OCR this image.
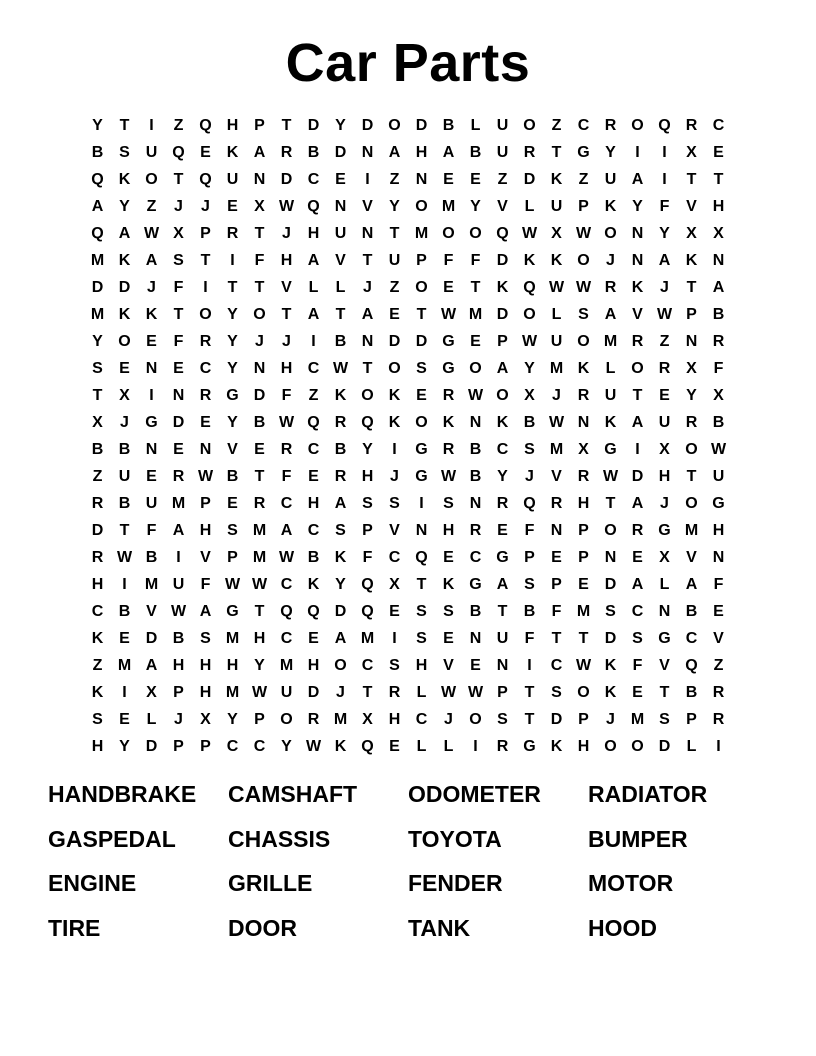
Car Parts
Y	T	I	Z Q H P	T	D Y D O D B	L	U O Z	C R O Q R C
B S U Q E K A R B D N A H A B U R	T G Y	I	I	X	E
Q K O T Q U N D C E	I	Z	N E	E	Z	D K	Z	U A	I	T	T
A Y	Z	J	J	E	X W Q N V	Y O M Y	V	L	U P K Y	F	V H
Q A W X	P R	T	J	H U N	T M O O Q W X W O N Y	X	X
M K A S	T	I	F	H A V	T	U P	F	F	D K K O	J	N A K N
D D	J	F	I	T	T	V	L	L	J	Z O E	T	K Q W W R K	J	T	A
M K K	T O Y O T	A	T	A E	T W M D O L	S A V W P B
Y O E	F	R Y	J	J	I	B N D D G E	P W U O M R	Z	N R
S	E N E C Y N H C W T O S G O A Y M K	L O R X	F
T	X	I	N R G D	F	Z	K O K E R W O X	J	R U	T	E	Y	X
X	J	G D E	Y B W Q R Q K O K N K B W N K A U R B
B B N E N V	E R C B Y	I	G R B C S M X G	I	X O W
Z	U E R W B	T	F	E R H	J	G W B Y	J	V R W D H	T	U
R B U M P	E R C H A S	S	I	S N R Q R H	T	A	J	O G
D	T	F	A H S M A C S	P	V N H R E	F	N P O R G M H
R W B	I	V	P M W B K	F	C Q E C G P	E	P N E	X	V N
H	I	M U	F W W C K Y Q X	T	K G A S	P	E D A	L	A	F
C B V W A G T Q Q D Q E	S	S B	T	B	F M S C N B E
K E D B S M H C E A M	I	S	E N U	F	T	T	D S G C V
Z M A H H H Y M H O C S H V	E N	I	C W K	F	V Q Z
K	I	X	P H M W U D	J	T	R	L W W P	T	S O K E	T	B R
S	E	L	J	X	Y	P O R M X H C	J	O S	T	D P	J M S	P R
H Y D P	P C C Y W K Q E	L	L	I	R G K H O O D	L	I
HANDBRAKE	CAMSHAFT	ODOMETER	RADIATOR
GASPEDAL	CHASSIS	TOYOTA	BUMPER
ENGINE	GRILLE	FENDER	MOTOR
TIRE	DOOR	TANK	HOOD
